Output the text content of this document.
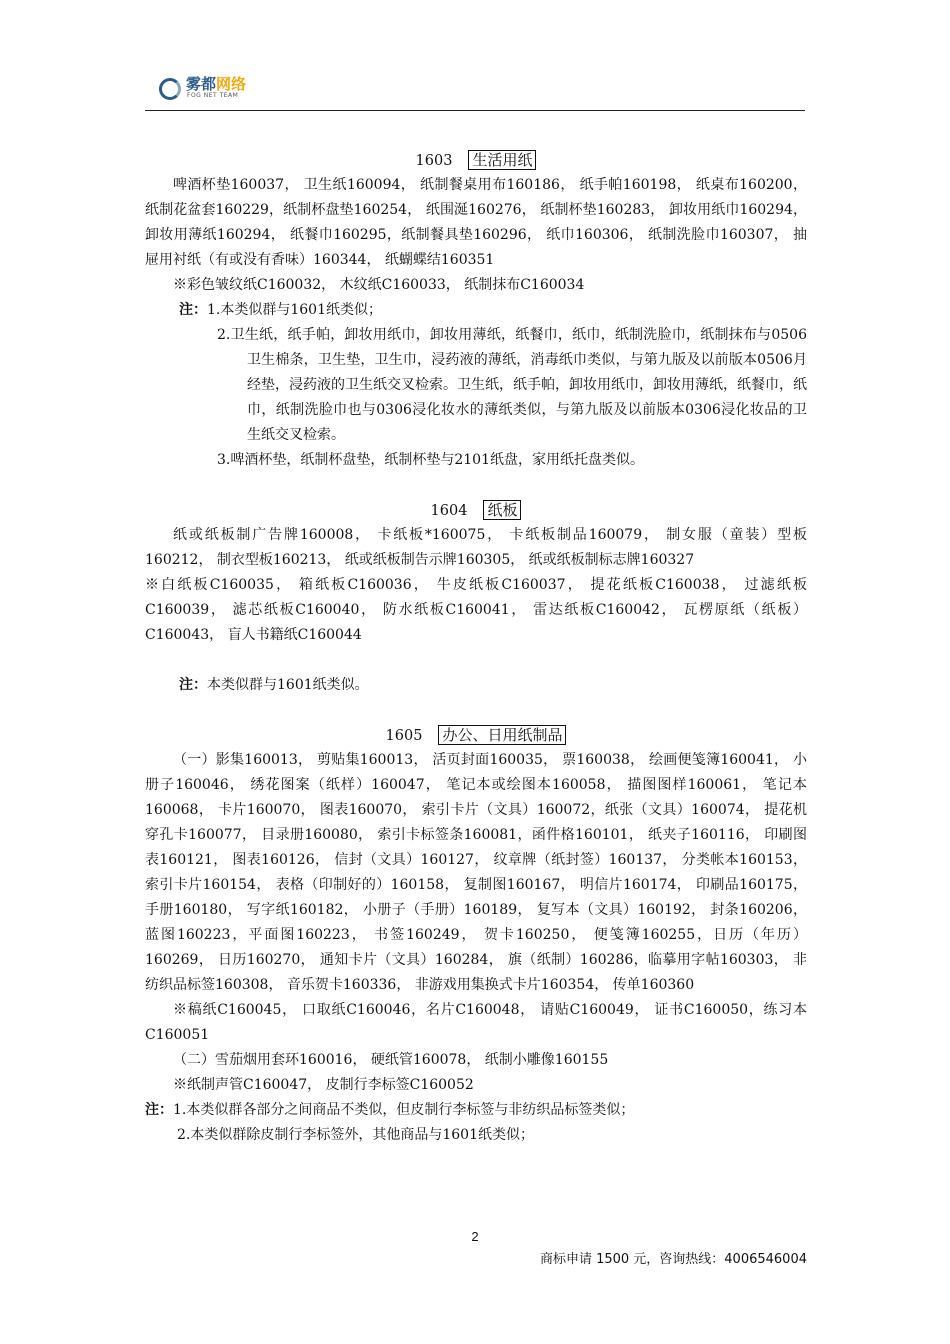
雾都网络
FOG NET TEAM
1603 生活用纸

啤酒杯垫160037， 卫生纸160094， 纸制餐桌用布160186， 纸手帕160198， 纸桌布160200， 纸制花盆套160229，纸制杯盘垫160254， 纸围涎160276， 纸制杯垫160283， 卸妆用纸巾160294， 卸妆用薄纸160294， 纸餐巾160295，纸制餐具垫160296， 纸巾160306， 纸制洗脸巾160307， 抽屉用衬纸（有或没有香味）160344， 纸蝴蝶结160351

※彩色皱纹纸C160032， 木纹纸C160033， 纸制抹布C160034

注：1.本类似群与1601纸类似；

2.卫生纸，纸手帕，卸妆用纸巾，卸妆用薄纸，纸餐巾，纸巾，纸制洗脸巾，纸制抹布与0506卫生棉条，卫生垫，卫生巾，浸药液的薄纸，消毒纸巾类似，与第九版及以前版本0506月经垫，浸药液的卫生纸交叉检索。卫生纸，纸手帕，卸妆用纸巾，卸妆用薄纸，纸餐巾，纸巾，纸制洗脸巾也与0306浸化妆水的薄纸类似，与第九版及以前版本0306浸化妆品的卫生纸交叉检索。

3.啤酒杯垫，纸制杯盘垫，纸制杯垫与2101纸盘，家用纸托盘类似。

1604 纸板

纸或纸板制广告牌160008， 卡纸板*160075， 卡纸板制品160079， 制女服（童装）型板160212， 制衣型板160213， 纸或纸板制告示牌160305， 纸或纸板制标志牌160327

※白纸板C160035， 箱纸板C160036， 牛皮纸板C160037， 提花纸板C160038， 过滤纸板C160039， 滤芯纸板C160040， 防水纸板C160041， 雷达纸板C160042， 瓦楞原纸（纸板）C160043， 盲人书籍纸C160044

注：本类似群与1601纸类似。

1605 办公、日用纸制品

（一）影集160013， 剪贴集160013， 活页封面160035， 票160038， 绘画便笺簿160041， 小册子160046， 绣花图案（纸样）160047， 笔记本或绘图本160058， 描图图样160061， 笔记本160068， 卡片160070， 图表160070， 索引卡片（文具）160072，纸张（文具）160074， 提花机穿孔卡160077， 目录册160080， 索引卡标签条160081，函件格160101， 纸夹子160116， 印刷图表160121， 图表160126， 信封（文具）160127， 纹章牌（纸封签）160137， 分类帐本160153， 索引卡片160154， 表格（印制好的）160158， 复制图160167， 明信片160174， 印刷品160175， 手册160180， 写字纸160182， 小册子（手册）160189， 复写本（文具）160192， 封条160206， 蓝图160223，平面图160223， 书签160249， 贺卡160250， 便笺簿160255，日历（年历）160269， 日历160270， 通知卡片（文具）160284， 旗（纸制）160286，临摹用字帖160303， 非纺织品标签160308， 音乐贺卡160336， 非游戏用集换式卡片160354， 传单160360

※稿纸C160045， 口取纸C160046，名片C160048， 请贴C160049， 证书C160050，练习本C160051

（二）雪茄烟用套环160016， 硬纸管160078， 纸制小雕像160155

※纸制声管C160047， 皮制行李标签C160052

注：1.本类似群各部分之间商品不类似，但皮制行李标签与非纺织品标签类似；

2.本类似群除皮制行李标签外，其他商品与1601纸类似；

2
商标申请 1500 元，咨询热线：4006546004
